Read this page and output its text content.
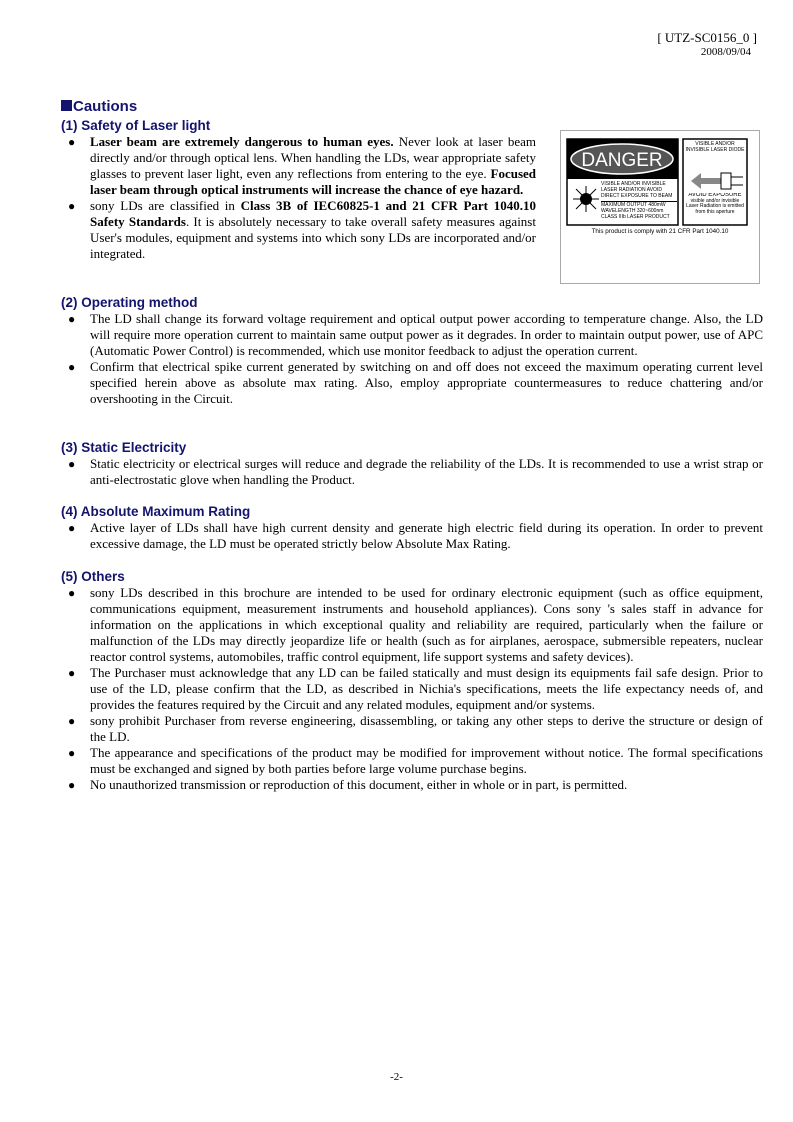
[ UTZ-SC0156_0 ]
2008/09/04
Cautions
DANGER
VISIBLE AND/OR INVISIBLE LASER RADIATION AVOID DIRECT EXPOSURE TO BEAM
MAXIMUM OUTPUT 480mW WAVELENGTH 320~600nm CLASS IIIb LASER PRODUCT
VISIBLE AND/OR INVISIBLE LASER DIODE
AVOID EXPOSURE
visible and/or invisible Laser Radiation is emitted from this aperture
This product is comply with 21 CFR Part 1040.10
(1) Safety of Laser light
● Laser beam are extremely dangerous to human eyes. Never look at laser beam directly and/or through optical lens. When handling the LDs, wear appropriate safety glasses to prevent laser light, even any reflections from entering to the eye. Focused laser beam through optical instruments will increase the chance of eye hazard.
● sony LDs are classified in Class 3B of IEC60825-1 and 21 CFR Part 1040.10 Safety Standards. It is absolutely necessary to take overall safety measures against User's modules, equipment and systems into which sony LDs are incorporated and/or integrated.
(2) Operating method
● The LD shall change its forward voltage requirement and optical output power according to temperature change. Also, the LD will require more operation current to maintain same output power as it degrades. In order to maintain output power, use of APC (Automatic Power Control) is recommended, which use monitor feedback to adjust the operation current.
● Confirm that electrical spike current generated by switching on and off does not exceed the maximum operating current level specified herein above as absolute max rating. Also, employ appropriate countermeasures to reduce chattering and/or overshooting in the Circuit.
(3) Static Electricity
● Static electricity or electrical surges will reduce and degrade the reliability of the LDs. It is recommended to use a wrist strap or anti-electrostatic glove when handling the Product.
(4) Absolute Maximum Rating
● Active layer of LDs shall have high current density and generate high electric field during its operation. In order to prevent excessive damage, the LD must be operated strictly below Absolute Max Rating.
(5) Others
● sony LDs described in this brochure are intended to be used for ordinary electronic equipment (such as office equipment, communications equipment, measurement instruments and household appliances). Cons sony 's sales staff in advance for information on the applications in which exceptional quality and reliability are required, particularly when the failure or malfunction of the LDs may directly jeopardize life or health (such as for airplanes, aerospace, submersible repeaters, nuclear reactor control systems, automobiles, traffic control equipment, life support systems and safety devices).
● The Purchaser must acknowledge that any LD can be failed statically and must design its equipments fail safe design. Prior to use of the LD, please confirm that the LD, as described in Nichia's specifications, meets the life expectancy needs of, and provides the features required by the Circuit and any related modules, equipment and/or systems.
● sony prohibit Purchaser from reverse engineering, disassembling, or taking any other steps to derive the structure or design of the LD.
● The appearance and specifications of the product may be modified for improvement without notice. The formal specifications must be exchanged and signed by both parties before large volume purchase begins.
● No unauthorized transmission or reproduction of this document, either in whole or in part, is permitted.
-2-
